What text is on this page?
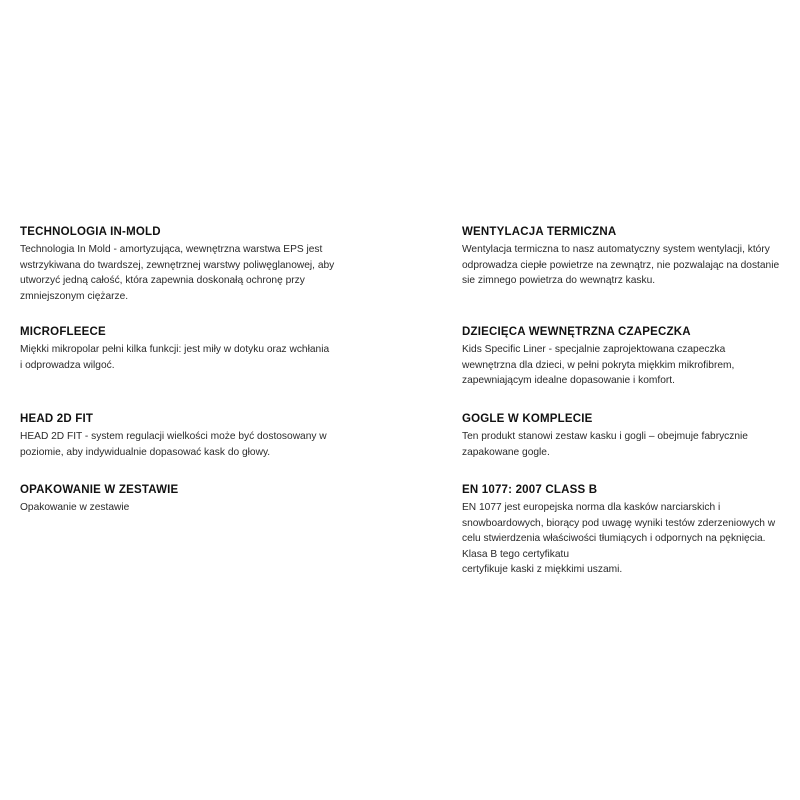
TECHNOLOGIA IN-MOLD
Technologia In Mold - amortyzująca, wewnętrzna warstwa EPS jest
wstrzykiwana do twardszej, zewnętrznej warstwy poliwęglanowej, aby
utworzyć jedną całość, która zapewnia doskonałą ochronę przy
zmniejszonym ciężarze.
MICROFLEECE
Miękki mikropolar pełni kilka funkcji: jest miły w dotyku oraz wchłania
i odprowadza wilgoć.
HEAD 2D FIT
HEAD 2D FIT - system regulacji wielkości może być dostosowany w
poziomie, aby indywidualnie dopasować kask do głowy.
OPAKOWANIE W ZESTAWIE
Opakowanie w zestawie
WENTYLACJA TERMICZNA
Wentylacja termiczna to nasz automatyczny system wentylacji, który
odprowadza ciepłe powietrze na zewnątrz, nie pozwalając na dostanie
sie zimnego powietrza do wewnątrz kasku.
DZIECIĘCA WEWNĘTRZNA CZAPECZKA
Kids Specific Liner - specjalnie zaprojektowana czapeczka
wewnętrzna dla dzieci, w pełni pokryta miękkim mikrofibrem,
zapewniającym idealne dopasowanie i komfort.
GOGLE W KOMPLECIE
Ten produkt stanowi zestaw kasku i gogli – obejmuje fabrycznie
zapakowane gogle.
EN 1077: 2007 CLASS B
EN 1077 jest europejska norma dla kasków narciarskich i
snowboardowych, biorący pod uwagę wyniki testów zderzeniowych w
celu stwierdzenia właściwości tłumiących i odpornych na pęknięcia.
Klasa B tego certyfikatu
certyfikuje kaski z miękkimi uszami.
